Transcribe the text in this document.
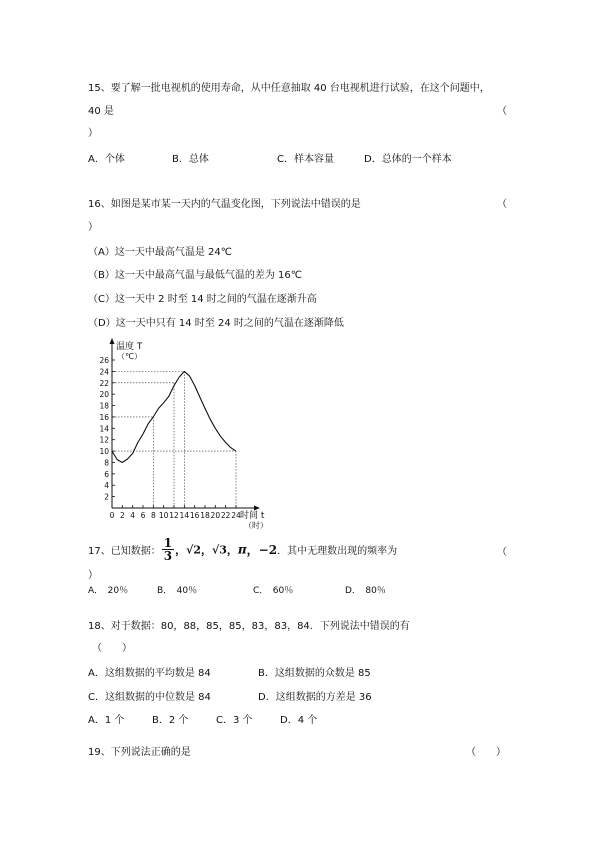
15、要了解一批电视机的使用寿命，从中任意抽取 40 台电视机进行试验，在这个问题中，
40 是	（
）
A．个体	B．总体	C．样本容量	D．总体的一个样本
16、如图是某市某一天内的气温变化图，下列说法中错误的是	（
）
（A）这一天中最高气温是 24℃
（B）这一天中最高气温与最低气温的差为 16℃
（C）这一天中 2 时至 14 时之间的气温在逐渐升高
（D）这一天中只有 14 时至 24 时之间的气温在逐渐降低
2
4
6
8
10
12
14
16
18
20
22
24
26
0 2 4 6 8 10 12 14 16 18 20 22 24
温度 T
（℃）
时间 t
（时）
17、已知数据： $\frac{1}{3}$ ，√2，√3，π，−2．其中无理数出现的频率为	（
）
A．　20％	B．　40％	C．　60％	D．　80％
18、对于数据：80，88，85，85，83，83，84．下列说法中错误的有
（　　）
A．这组数据的平均数是 84	B．这组数据的众数是 85
C．这组数据的中位数是 84	D．这组数据的方差是 36
A．1 个	B．2 个	C．3 个	D．4 个
19、下列说法正确的是	（　　）
